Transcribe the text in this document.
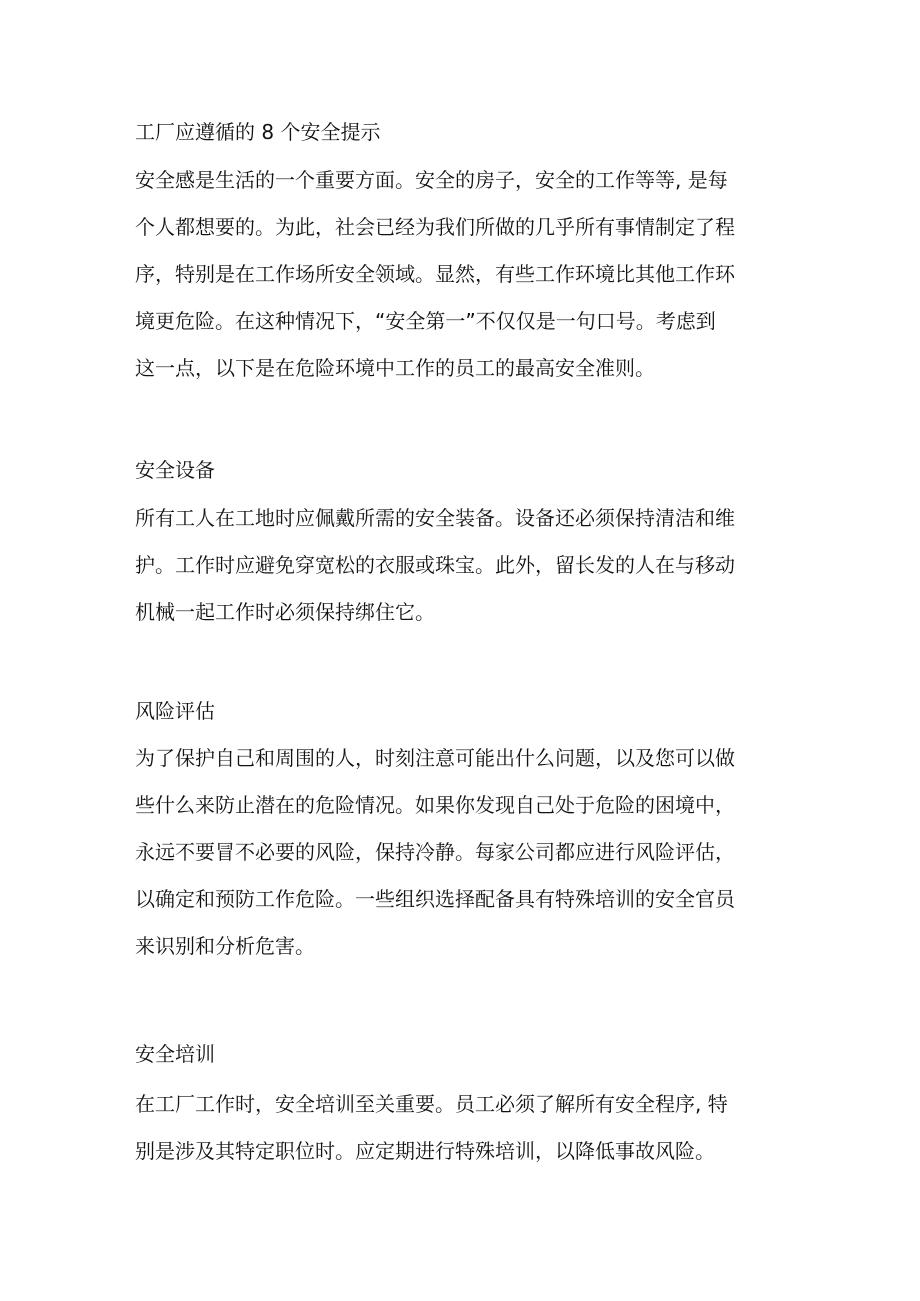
工厂应遵循的 8 个安全提示

安全感是生活的一个重要方面。安全的房子，安全的工作等等, 是每
个人都想要的。为此，社会已经为我们所做的几乎所有事情制定了程
序，特别是在工作场所安全领域。显然，有些工作环境比其他工作环
境更危险。在这种情况下，“安全第一”不仅仅是一句口号。考虑到
这一点，以下是在危险环境中工作的员工的最高安全准则。

安全设备

所有工人在工地时应佩戴所需的安全装备。设备还必须保持清洁和维
护。工作时应避免穿宽松的衣服或珠宝。此外，留长发的人在与移动
机械一起工作时必须保持绑住它。

风险评估

为了保护自己和周围的人，时刻注意可能出什么问题，以及您可以做
些什么来防止潜在的危险情况。如果你发现自己处于危险的困境中，
永远不要冒不必要的风险，保持冷静。每家公司都应进行风险评估，
以确定和预防工作危险。一些组织选择配备具有特殊培训的安全官员
来识别和分析危害。

安全培训

在工厂工作时，安全培训至关重要。员工必须了解所有安全程序, 特
别是涉及其特定职位时。应定期进行特殊培训，以降低事故风险。
